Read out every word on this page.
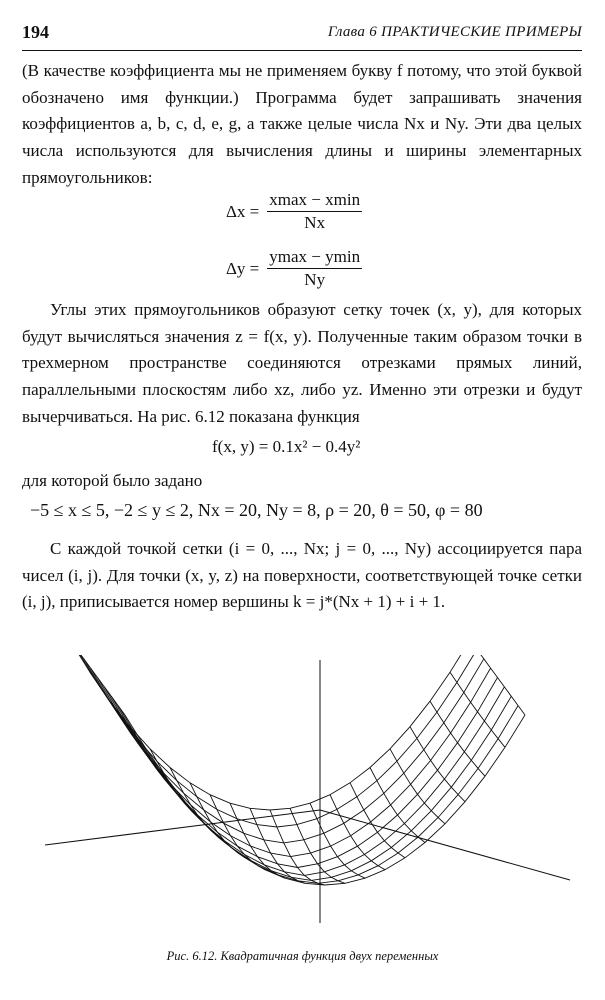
194	Глава 6 ПРАКТИЧЕСКИЕ ПРИМЕРЫ

(В качестве коэффициента мы не применяем букву f потому, что этой буквой обозначено имя функции.) Программа будет запрашивать значения коэффициентов a, b, c, d, e, g, а также целые числа Nx и Ny. Эти два целых числа используются для вычисления длины и ширины элементарных прямоугольников:

$\Delta x = \frac{xmax - xmin}{Nx}$
$\Delta y = \frac{ymax - ymin}{Ny}$

Углы этих прямоугольников образуют сетку точек (x, y), для которых будут вычисляться значения z = f(x, y). Полученные таким образом точки в трехмерном пространстве соединяются отрезками прямых линий, параллельными плоскостям либо xz, либо yz. Именно эти отрезки и будут вычерчиваться. На рис. 6.12 показана функция

f(x, y) = 0.1x² − 0.4y²

для которой было задано

−5 ≤ x ≤ 5, −2 ≤ y ≤ 2, Nx = 20, Ny = 8, ρ = 20, θ = 50, φ = 80

С каждой точкой сетки (i = 0, ..., Nx; j = 0, ..., Ny) ассоциируется пара чисел (i, j). Для точки (x, y, z) на поверхности, соответствующей точке сетки (i, j), приписывается номер вершины k = j*(Nx + 1) + i + 1.

Рис. 6.12. Квадратичная функция двух переменных
